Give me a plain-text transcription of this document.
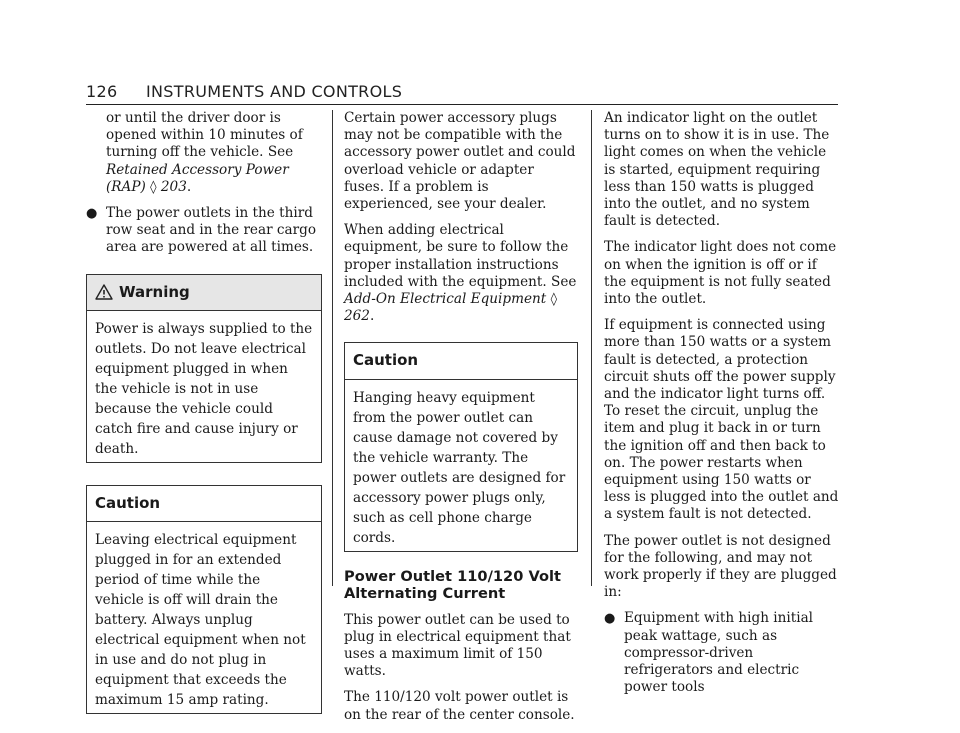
126 INSTRUMENTS AND CONTROLS

or until the driver door is opened within 10 minutes of turning off the vehicle. See Retained Accessory Power (RAP) ◊ 203.

● The power outlets in the third row seat and in the rear cargo area are powered at all times.
Warning
Power is always supplied to the outlets. Do not leave electrical equipment plugged in when the vehicle is not in use because the vehicle could catch fire and cause injury or death.
Caution
Leaving electrical equipment plugged in for an extended period of time while the vehicle is off will drain the battery. Always unplug electrical equipment when not in use and do not plug in equipment that exceeds the maximum 15 amp rating.

Certain power accessory plugs may not be compatible with the accessory power outlet and could overload vehicle or adapter fuses. If a problem is experienced, see your dealer.

When adding electrical equipment, be sure to follow the proper installation instructions included with the equipment. See Add-On Electrical Equipment ◊ 262.

Caution
Hanging heavy equipment from the power outlet can cause damage not covered by the vehicle warranty. The power outlets are designed for accessory power plugs only, such as cell phone charge cords.
Power Outlet 110/120 Volt Alternating Current

This power outlet can be used to plug in electrical equipment that uses a maximum limit of 150 watts.

The 110/120 volt power outlet is on the rear of the center console.

An indicator light on the outlet turns on to show it is in use. The light comes on when the vehicle is started, equipment requiring less than 150 watts is plugged into the outlet, and no system fault is detected.

The indicator light does not come on when the ignition is off or if the equipment is not fully seated into the outlet.

If equipment is connected using more than 150 watts or a system fault is detected, a protection circuit shuts off the power supply and the indicator light turns off. To reset the circuit, unplug the item and plug it back in or turn the ignition off and then back to on. The power restarts when equipment using 150 watts or less is plugged into the outlet and a system fault is not detected.

The power outlet is not designed for the following, and may not work properly if they are plugged in:

● Equipment with high initial peak wattage, such as compressor-driven refrigerators and electric power tools
